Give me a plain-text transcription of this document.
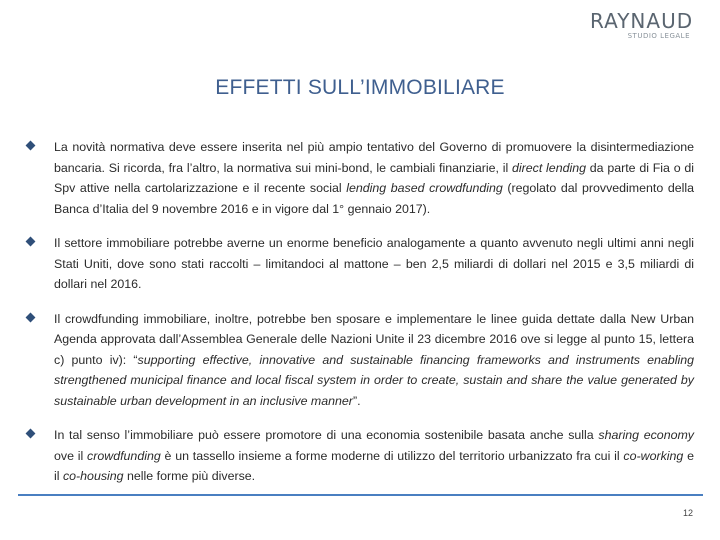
RAYNAUD
STUDIO LEGALE
EFFETTI SULL’IMMOBILIARE
La novità normativa deve essere inserita nel più ampio tentativo del Governo di promuovere la disintermediazione bancaria. Si ricorda, fra l’altro, la normativa sui mini-bond, le cambiali finanziarie, il direct lending da parte di Fia o di Spv attive nella cartolarizzazione e il recente social lending based crowdfunding (regolato dal provvedimento della Banca d’Italia del 9 novembre 2016 e in vigore dal 1° gennaio 2017).
Il settore immobiliare potrebbe averne un enorme beneficio analogamente a quanto avvenuto negli ultimi anni negli Stati Uniti, dove sono stati raccolti – limitandoci al mattone – ben 2,5 miliardi di dollari nel 2015 e 3,5 miliardi di dollari nel 2016.
Il crowdfunding immobiliare, inoltre, potrebbe ben sposare e implementare le linee guida dettate dalla New Urban Agenda approvata dall’Assemblea Generale delle Nazioni Unite il 23 dicembre 2016 ove si legge al punto 15, lettera c) punto iv): “supporting effective, innovative and sustainable financing frameworks and instruments enabling strengthened municipal finance and local fiscal system in order to create, sustain and share the value generated by sustainable urban development in an inclusive manner”.
In tal senso l’immobiliare può essere promotore di una economia sostenibile basata anche sulla sharing economy ove il crowdfunding è un tassello insieme a forme moderne di utilizzo del territorio urbanizzato fra cui il co-working e il co-housing nelle forme più diverse.
12
